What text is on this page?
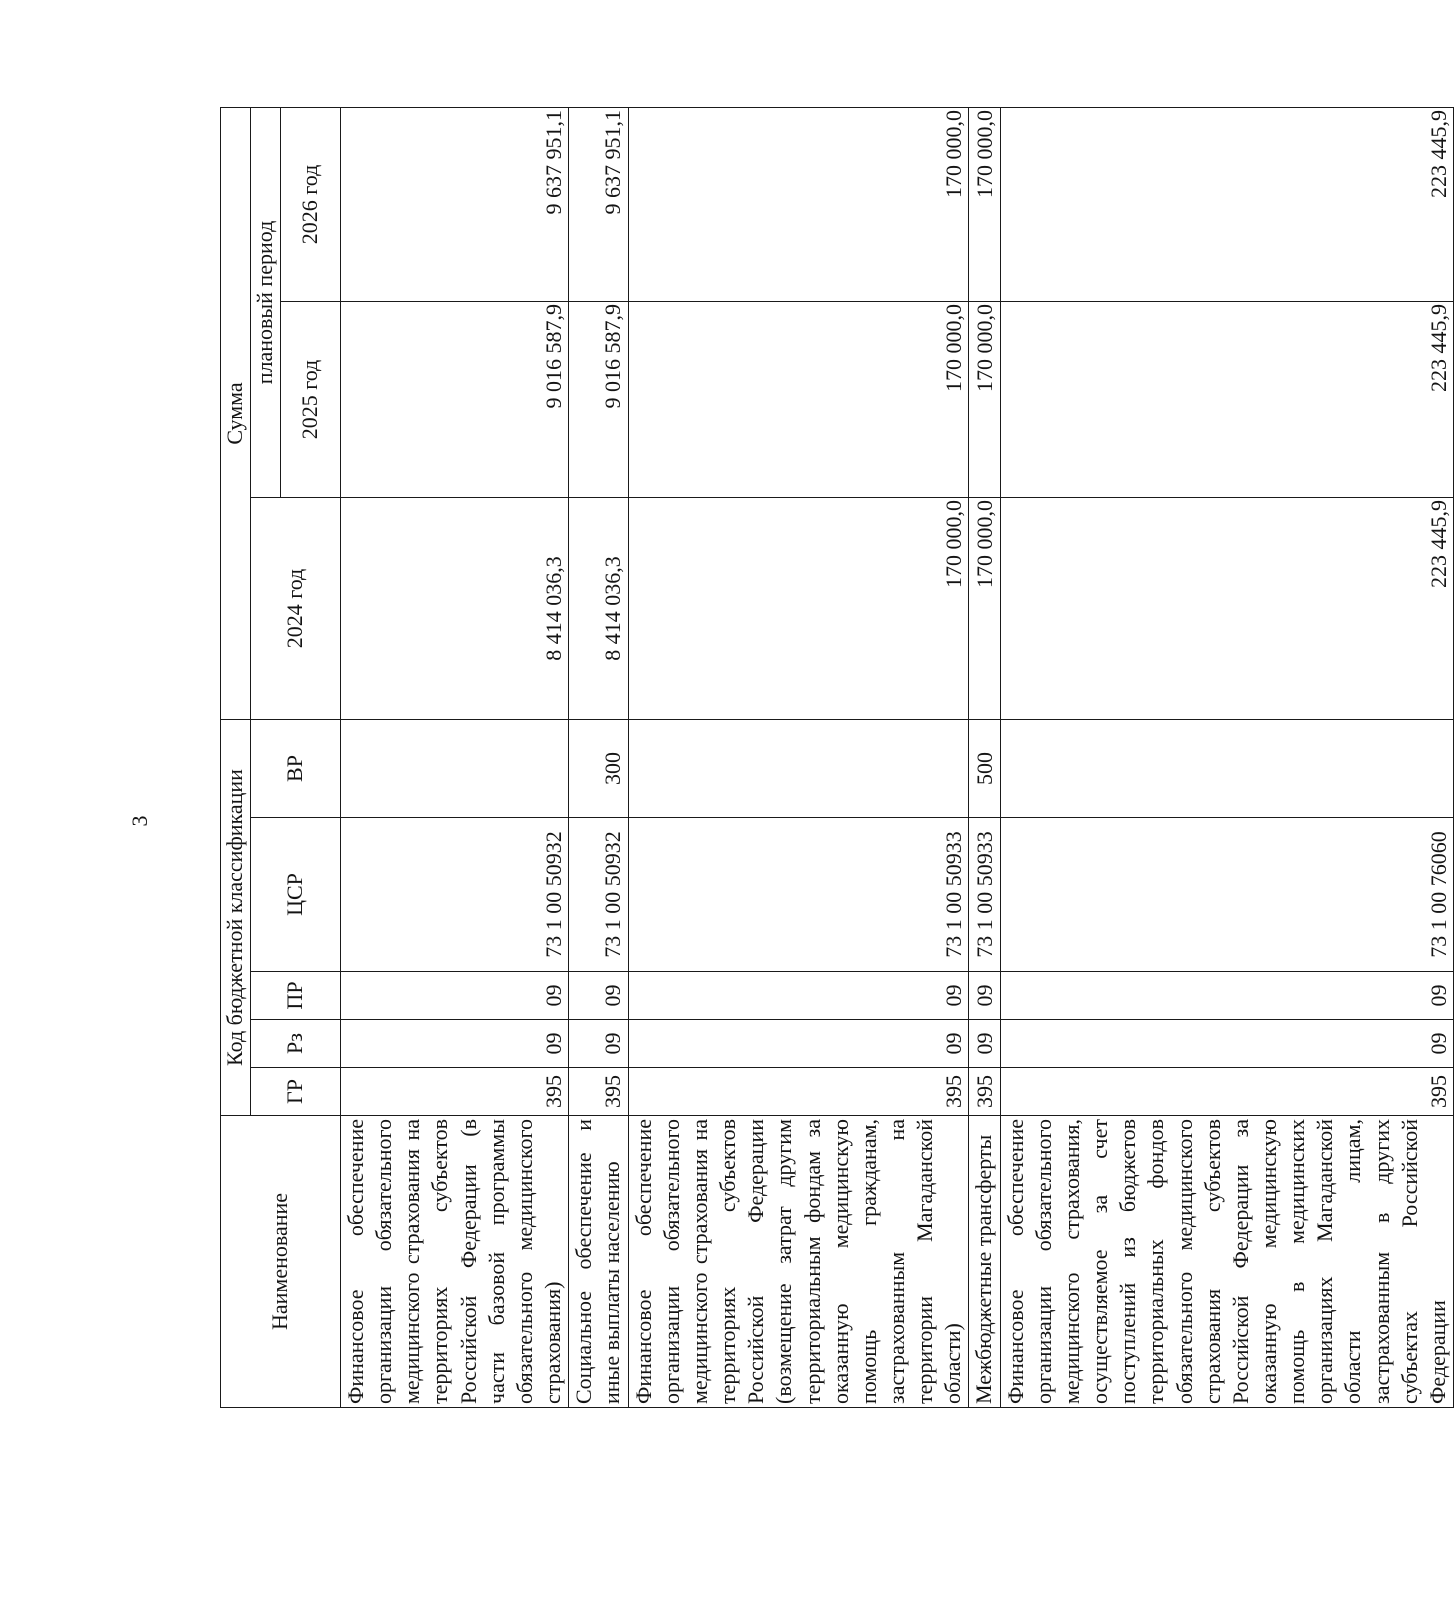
3
Наименование	Код бюджетной классификации					Сумма		
	ГР	Рз	ПР	ЦСР	ВР	2024 год	плановый период	
							2025 год	2026 год
Финансовое обеспечение организации обязательного медицинского страхования на территориях субъектов Российской Федерации (в части базовой программы обязательного медицинского страхования)	395	09	09	73 1 00 50932		8 414 036,3	9 016 587,9	9 637 951,1
Социальное обеспечение и иные выплаты населению	395	09	09	73 1 00 50932	300	8 414 036,3	9 016 587,9	9 637 951,1
Финансовое обеспечение организации обязательного медицинского страхования на территориях субъектов Российской Федерации (возмещение затрат другим территориальным фондам за оказанную медицинскую помощь гражданам, застрахованным на территории Магаданской области)	395	09	09	73 1 00 50933		170 000,0	170 000,0	170 000,0
Межбюджетные трансферты	395	09	09	73 1 00 50933	500	170 000,0	170 000,0	170 000,0
Финансовое обеспечение организации обязательного медицинского страхования, осуществляемое за счет поступлений из бюджетов территориальных фондов обязательного медицинского страхования субъектов Российской Федерации за оказанную медицинскую помощь в медицинских организациях Магаданской области лицам, застрахованным в других субъектах Российской Федерации	395	09	09	73 1 00 76060		223 445,9	223 445,9	223 445,9
